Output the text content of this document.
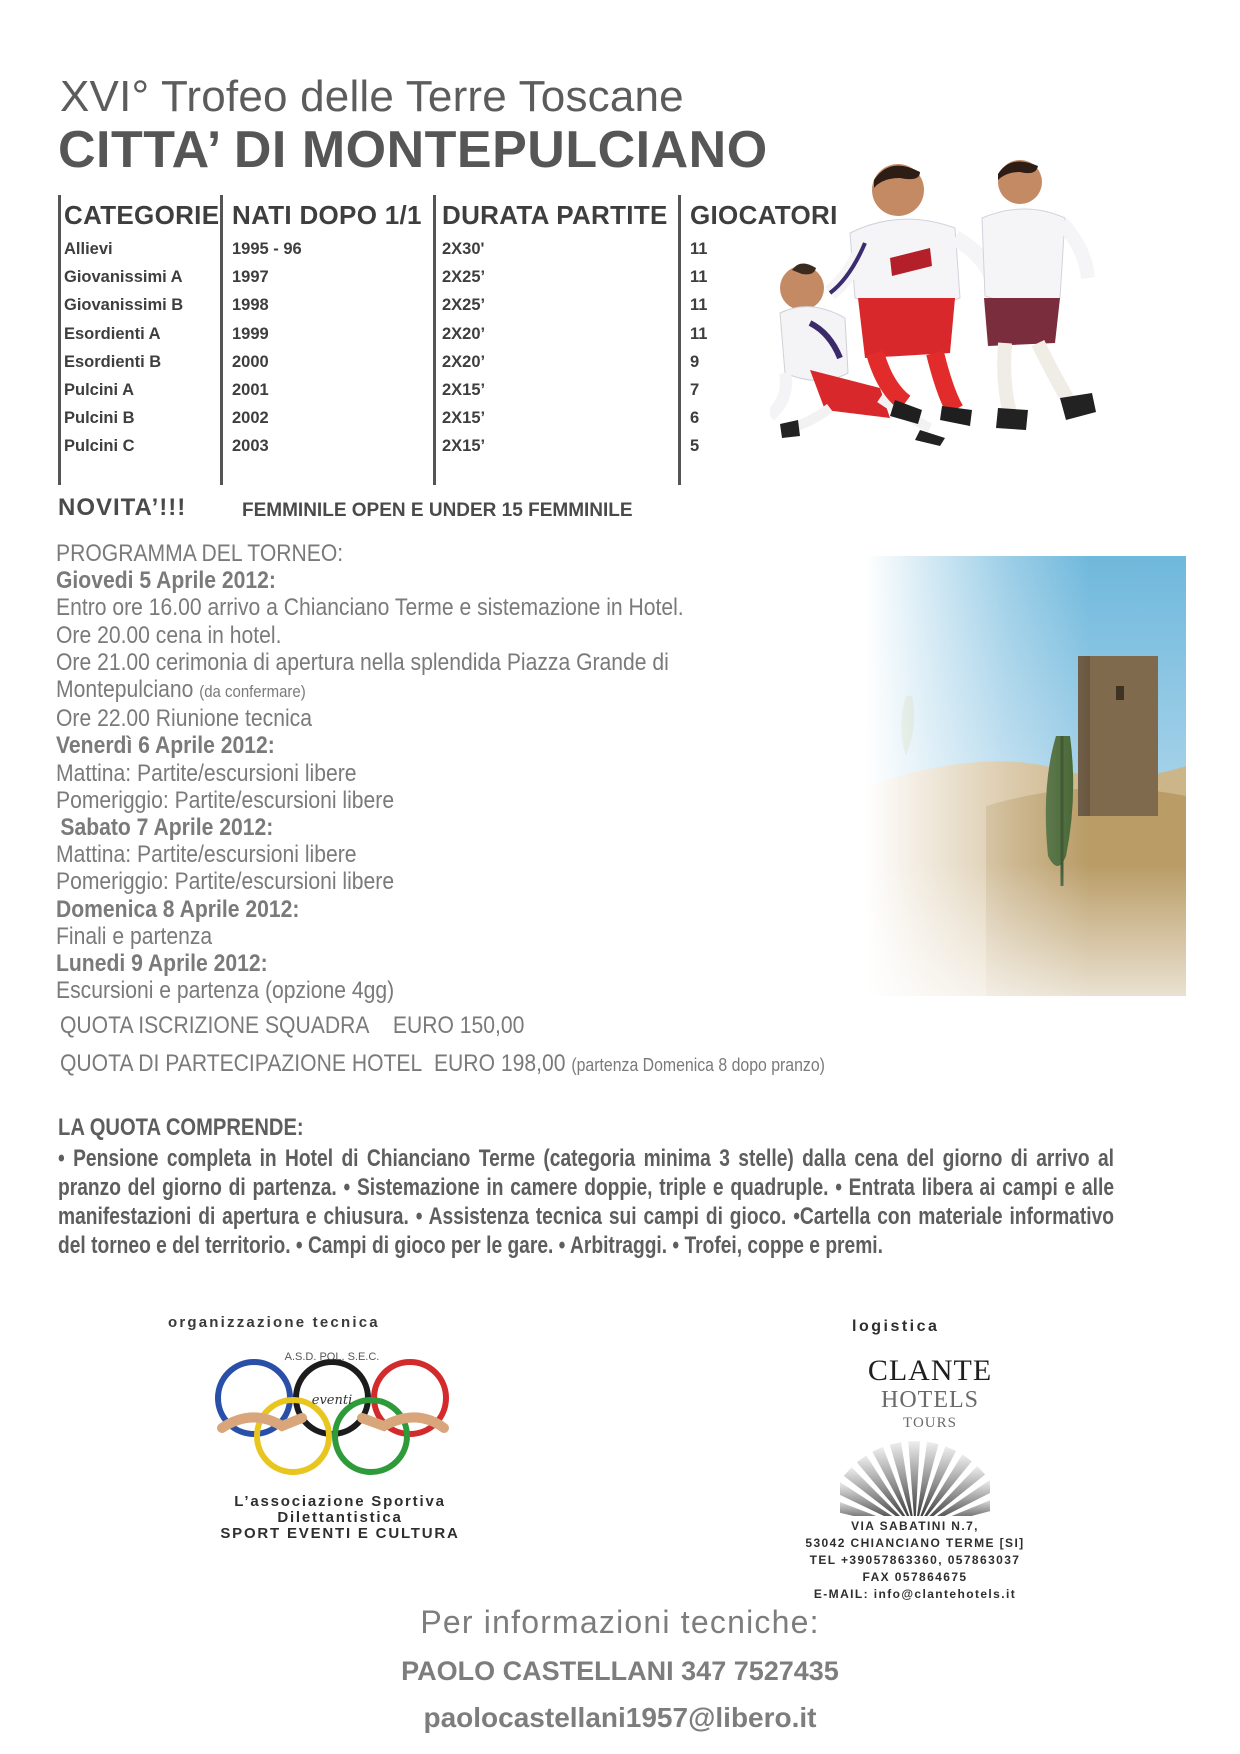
XVI° Trofeo delle Terre Toscane
CITTA’ DI MONTEPULCIANO
CATEGORIE
Allievi
Giovanissimi A
Giovanissimi B
Esordienti A
Esordienti B
Pulcini A
Pulcini B
Pulcini C
NATI DOPO 1/1
1995 - 96
1997
1998
1999
2000
2001
2002
2003
DURATA PARTITE
2X30'
2X25’
2X25’
2X20’
2X20’
2X15’
2X15’
2X15’
GIOCATORI
11
11
11
11
9
7
6
5
NOVITA’!!!	FEMMINILE OPEN E UNDER 15 FEMMINILE
PROGRAMMA DEL TORNEO:
Giovedi 5 Aprile 2012:
Entro ore 16.00 arrivo a Chianciano Terme e sistemazione in Hotel.
Ore 20.00 cena in hotel.
Ore 21.00 cerimonia di apertura nella splendida Piazza Grande di
Montepulciano (da confermare)
Ore 22.00 Riunione tecnica
Venerdì 6 Aprile 2012:
Mattina: Partite/escursioni libere
Pomeriggio: Partite/escursioni libere
Sabato 7 Aprile 2012:
Mattina: Partite/escursioni libere
Pomeriggio: Partite/escursioni libere
Domenica 8 Aprile 2012:
Finali e partenza
Lunedi 9 Aprile 2012:
Escursioni e partenza (opzione 4gg)
QUOTA ISCRIZIONE SQUADRA EURO 150,00
QUOTA DI PARTECIPAZIONE HOTEL EURO 198,00 (partenza Domenica 8 dopo pranzo)
LA QUOTA COMPRENDE:
• Pensione completa in Hotel di Chianciano Terme (categoria minima 3 stelle) dalla cena del giorno di arrivo al pranzo del giorno di partenza. • Sistemazione in camere doppie, triple e quadruple. • Entrata libera ai campi e alle manifestazioni di apertura e chiusura. • Assistenza tecnica sui campi di gioco. •Cartella con materiale informativo del torneo e del territorio. • Campi di gioco per le gare. • Arbitraggi. • Trofei, coppe e premi.
organizzazione tecnica
A.S.D. POL. S.E.C.
eventi
L’associazione Sportiva
Dilettantistica
SPORT EVENTI E CULTURA
logistica
CLANTE
HOTELS
TOURS
VIA SABATINI N.7,
53042 CHIANCIANO TERME [SI]
TEL +39057863360, 057863037
FAX 057864675
E-MAIL: info@clantehotels.it
Per informazioni tecniche:
PAOLO CASTELLANI 347 7527435
paolocastellani1957@libero.it
